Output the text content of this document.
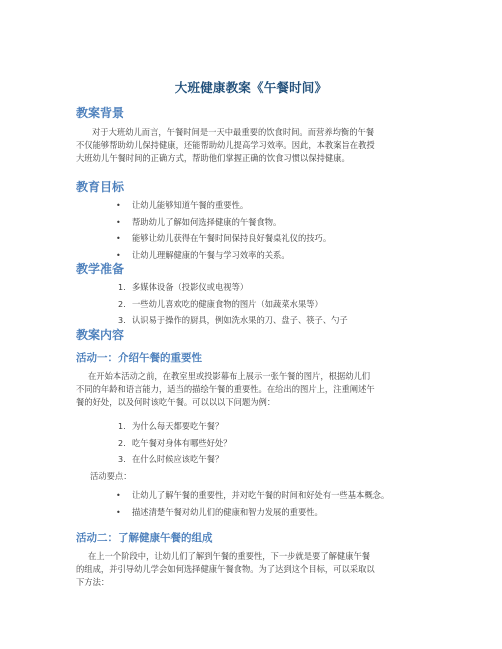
大班健康教案《午餐时间》
教案背景
对于大班幼儿而言，午餐时间是一天中最重要的饮食时间。而营养均衡的午餐
不仅能够帮助幼儿保持健康，还能帮助幼儿提高学习效率。因此，本教案旨在教授
大班幼儿午餐时间的正确方式，帮助他们掌握正确的饮食习惯以保持健康。
教育目标
• 让幼儿能够知道午餐的重要性。
• 帮助幼儿了解如何选择健康的午餐食物。
• 能够让幼儿获得在午餐时间保持良好餐桌礼仪的技巧。
• 让幼儿理解健康的午餐与学习效率的关系。
教学准备
1. 多媒体设备（投影仪或电视等）
2. 一些幼儿喜欢吃的健康食物的图片（如蔬菜水果等）
3. 认识易于操作的厨具，例如洗水果的刀、盘子、筷子、勺子
教案内容
活动一：介绍午餐的重要性
在开始本活动之前，在教室里或投影幕布上展示一张午餐的图片，根据幼儿们
不同的年龄和语言能力，适当的描绘午餐的重要性。在给出的图片上，注重阐述午
餐的好处，以及何时该吃午餐。可以以以下问题为例：
1. 为什么每天都要吃午餐？
2. 吃午餐对身体有哪些好处？
3. 在什么时候应该吃午餐？
活动要点：
• 让幼儿了解午餐的重要性，并对吃午餐的时间和好处有一些基本概念。
• 描述清楚午餐对幼儿们的健康和智力发展的重要性。
活动二：了解健康午餐的组成
在上一个阶段中，让幼儿们了解到午餐的重要性，下一步就是要了解健康午餐
的组成，并引导幼儿学会如何选择健康午餐食物。为了达到这个目标，可以采取以
下方法：
